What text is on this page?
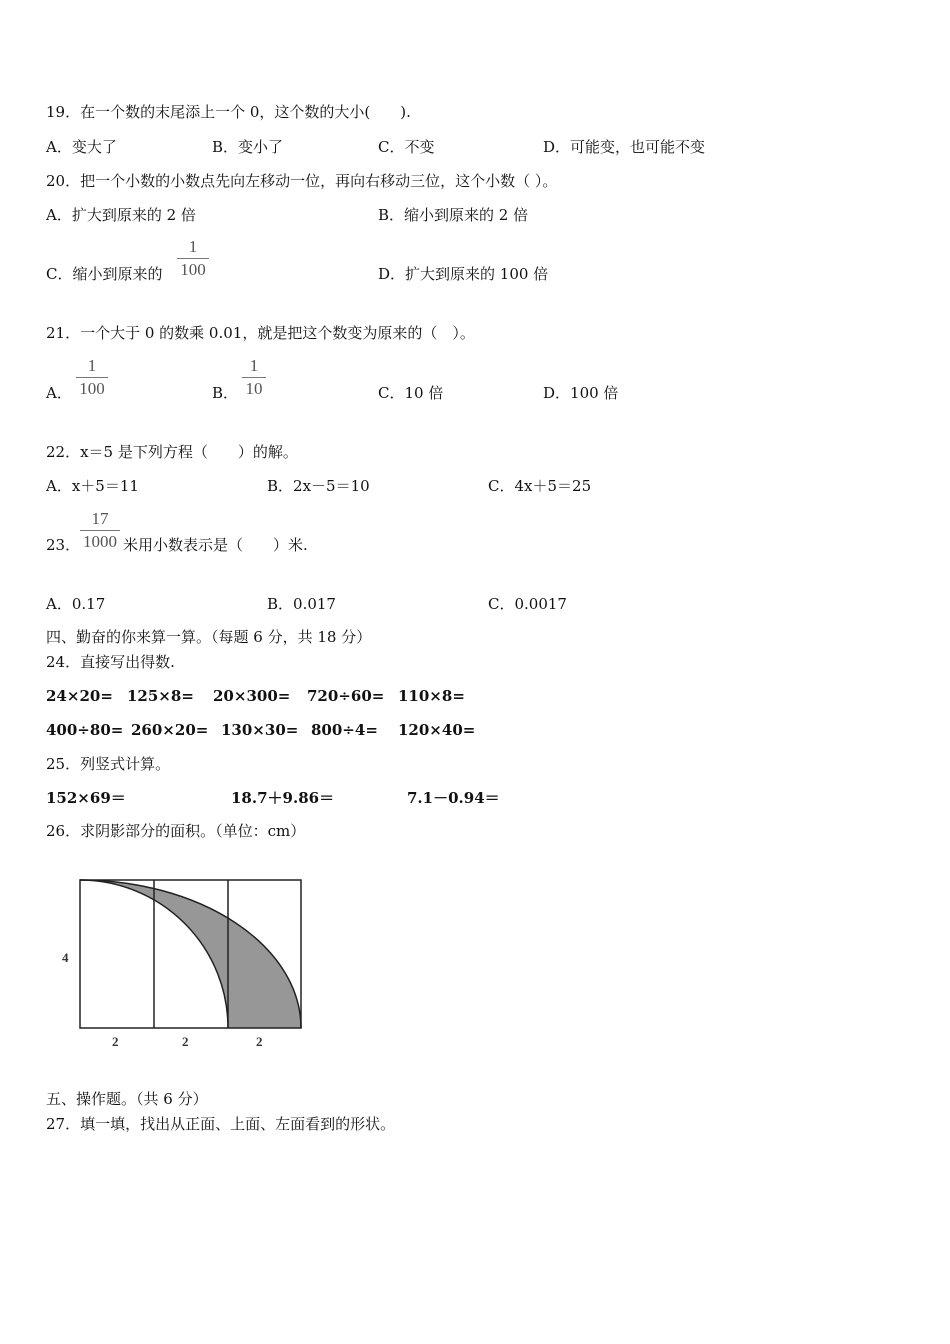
19．在一个数的末尾添上一个 0，这个数的大小(　　).
A．变大了	B．变小了	C．不变	D．可能变，也可能不变
20．把一个小数的小数点先向左移动一位，再向右移动三位，这个小数（ ）。
A．扩大到原来的 2 倍	B．缩小到原来的 2 倍
C．缩小到原来的
1
100	D．扩大到原来的 100 倍
21．一个大于 0 的数乘 0.01，就是把这个数变为原来的（　）。
A．
1
100	B．
1
10	C．10 倍	D．100 倍
22．x＝5 是下列方程（　　）的解。
A．x＋5＝11	B．2x－5＝10	C．4x＋5＝25
23．
17
1000 米用小数表示是（　　）米.
A．0.17	B．0.017	C．0.0017
四、勤奋的你来算一算。（每题 6 分，共 18 分）
24．直接写出得数.
24×20= 125×8= 20×300= 720÷60= 110×8=
400÷80= 260×20= 130×30= 800÷4= 120×40=
25．列竖式计算。
152×69＝	18.7＋9.86＝	7.1－0.94＝
26．求阴影部分的面积。（单位：cm）
4
2	2	2
五、操作题。（共 6 分）
27．填一填，找出从正面、上面、左面看到的形状。
